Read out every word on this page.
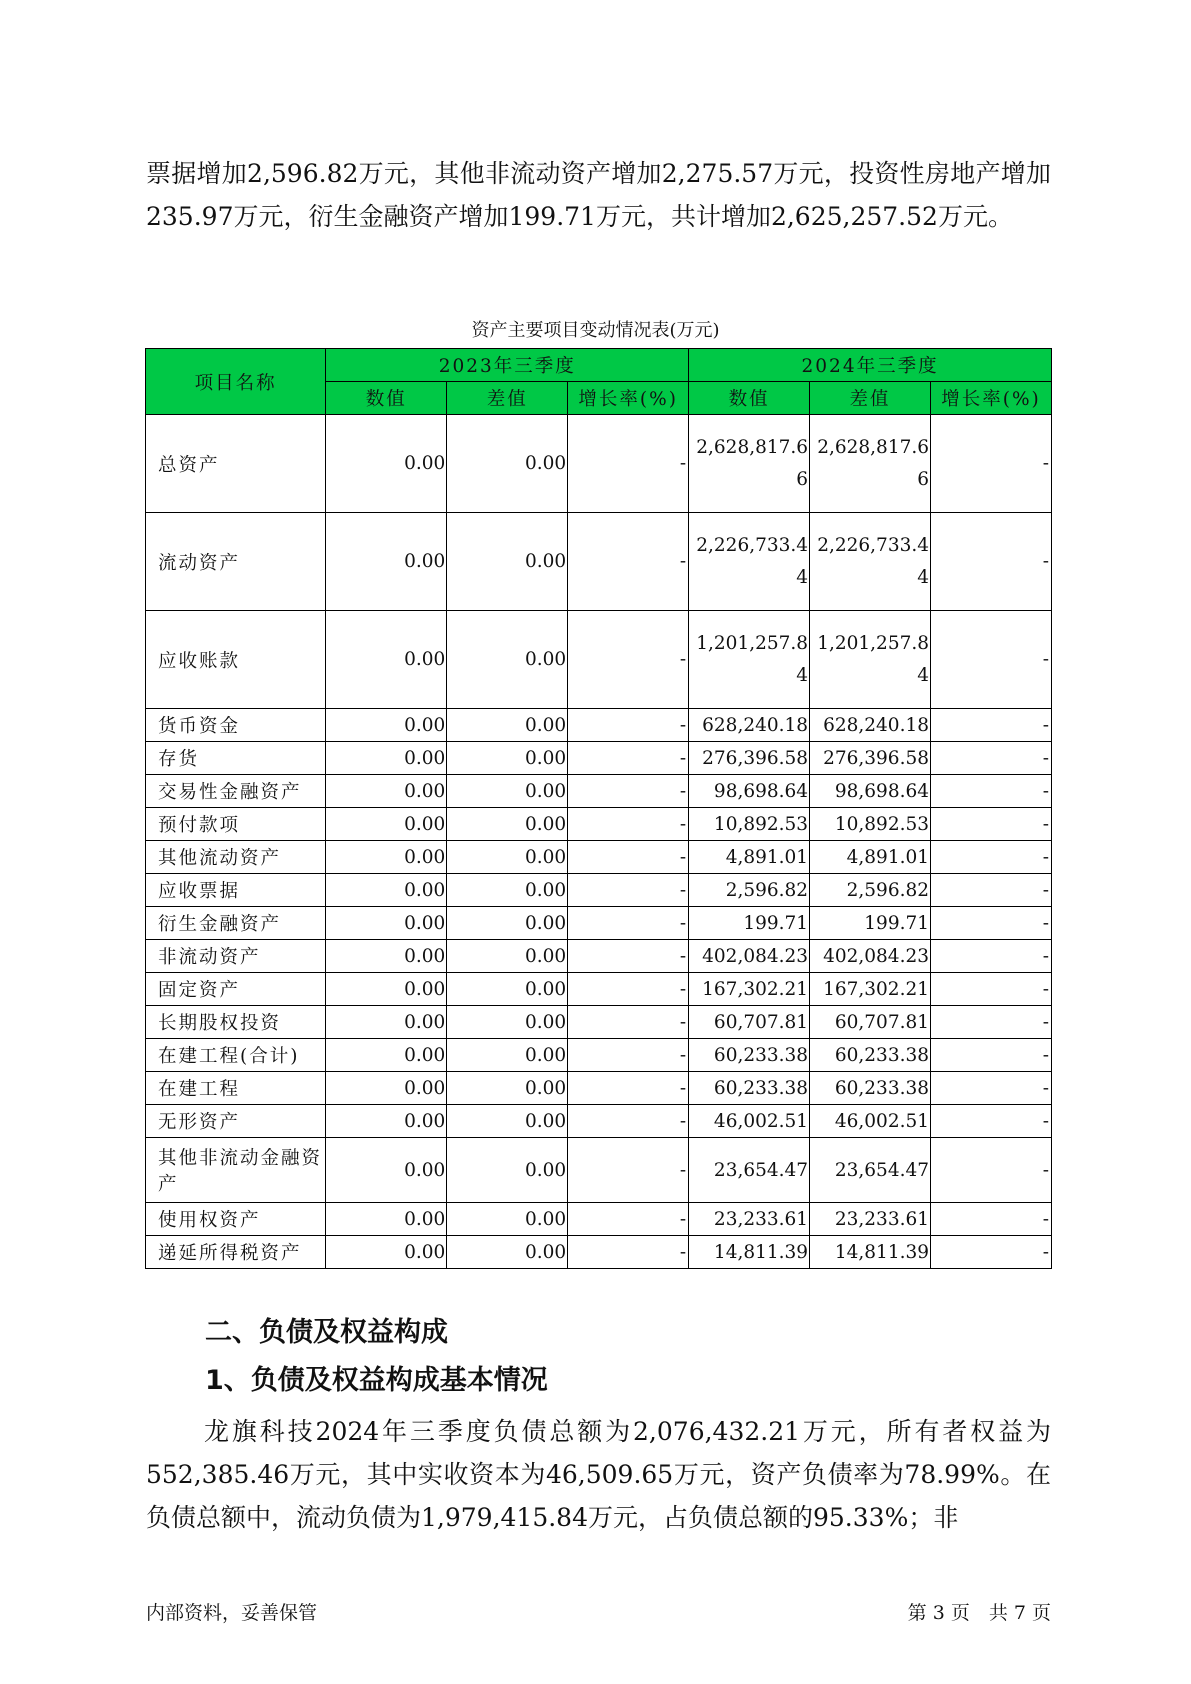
票据增加2,596.82万元，其他非流动资产增加2,275.57万元，投资性房地产增加235.97万元，衍生金融资产增加199.71万元，共计增加2,625,257.52万元。

资产主要项目变动情况表(万元)
项目名称	2023年三季度			2024年三季度		
	数值	差值	增长率(%)	数值	差值	增长率(%)
总资产	0.00	0.00	-	2,628,817.66	2,628,817.66	-
流动资产	0.00	0.00	-	2,226,733.44	2,226,733.44	-
应收账款	0.00	0.00	-	1,201,257.84	1,201,257.84	-
货币资金	0.00	0.00	-	628,240.18	628,240.18	-
存货	0.00	0.00	-	276,396.58	276,396.58	-
交易性金融资产	0.00	0.00	-	98,698.64	98,698.64	-
预付款项	0.00	0.00	-	10,892.53	10,892.53	-
其他流动资产	0.00	0.00	-	4,891.01	4,891.01	-
应收票据	0.00	0.00	-	2,596.82	2,596.82	-
衍生金融资产	0.00	0.00	-	199.71	199.71	-
非流动资产	0.00	0.00	-	402,084.23	402,084.23	-
固定资产	0.00	0.00	-	167,302.21	167,302.21	-
长期股权投资	0.00	0.00	-	60,707.81	60,707.81	-
在建工程(合计)	0.00	0.00	-	60,233.38	60,233.38	-
在建工程	0.00	0.00	-	60,233.38	60,233.38	-
无形资产	0.00	0.00	-	46,002.51	46,002.51	-
其他非流动金融资产	0.00	0.00	-	23,654.47	23,654.47	-
使用权资产	0.00	0.00	-	23,233.61	23,233.61	-
递延所得税资产	0.00	0.00	-	14,811.39	14,811.39	-
二、负债及权益构成
1、负债及权益构成基本情况

龙旗科技2024年三季度负债总额为2,076,432.21万元，所有者权益为552,385.46万元，其中实收资本为46,509.65万元，资产负债率为78.99%。在负债总额中，流动负债为1,979,415.84万元，占负债总额的95.33%；非

内部资料，妥善保管	第 3 页　共 7 页
